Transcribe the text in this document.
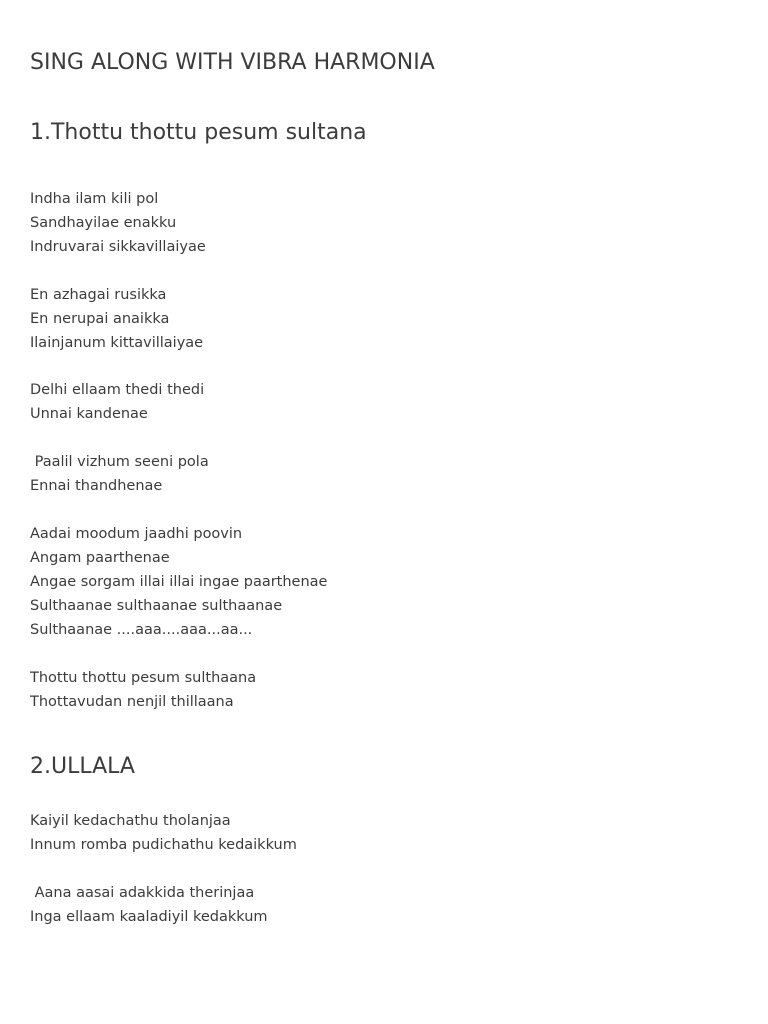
SING ALONG WITH VIBRA HARMONIA
1.Thottu thottu pesum sultana

Indha ilam kili pol

Sandhayilae enakku

Indruvarai sikkavillaiyae

En azhagai rusikka

En nerupai anaikka

Ilainjanum kittavillaiyae

Delhi ellaam thedi thedi

Unnai kandenae

Paalil vizhum seeni pola

Ennai thandhenae

Aadai moodum jaadhi poovin

Angam paarthenae

Angae sorgam illai illai ingae paarthenae

Sulthaanae sulthaanae sulthaanae

Sulthaanae ....aaa....aaa...aa...

Thottu thottu pesum sulthaana

Thottavudan nenjil thillaana

2.ULLALA

Kaiyil kedachathu tholanjaa

Innum romba pudichathu kedaikkum

Aana aasai adakkida therinjaa

Inga ellaam kaaladiyil kedakkum
